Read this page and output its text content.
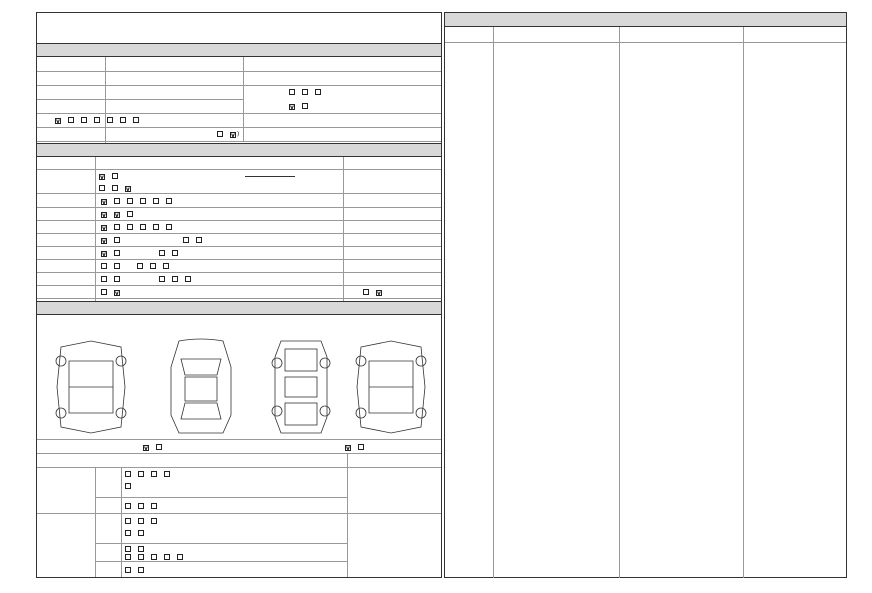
v
v
v )
v
v
v
v v
v
v
v

v	v
v	v
